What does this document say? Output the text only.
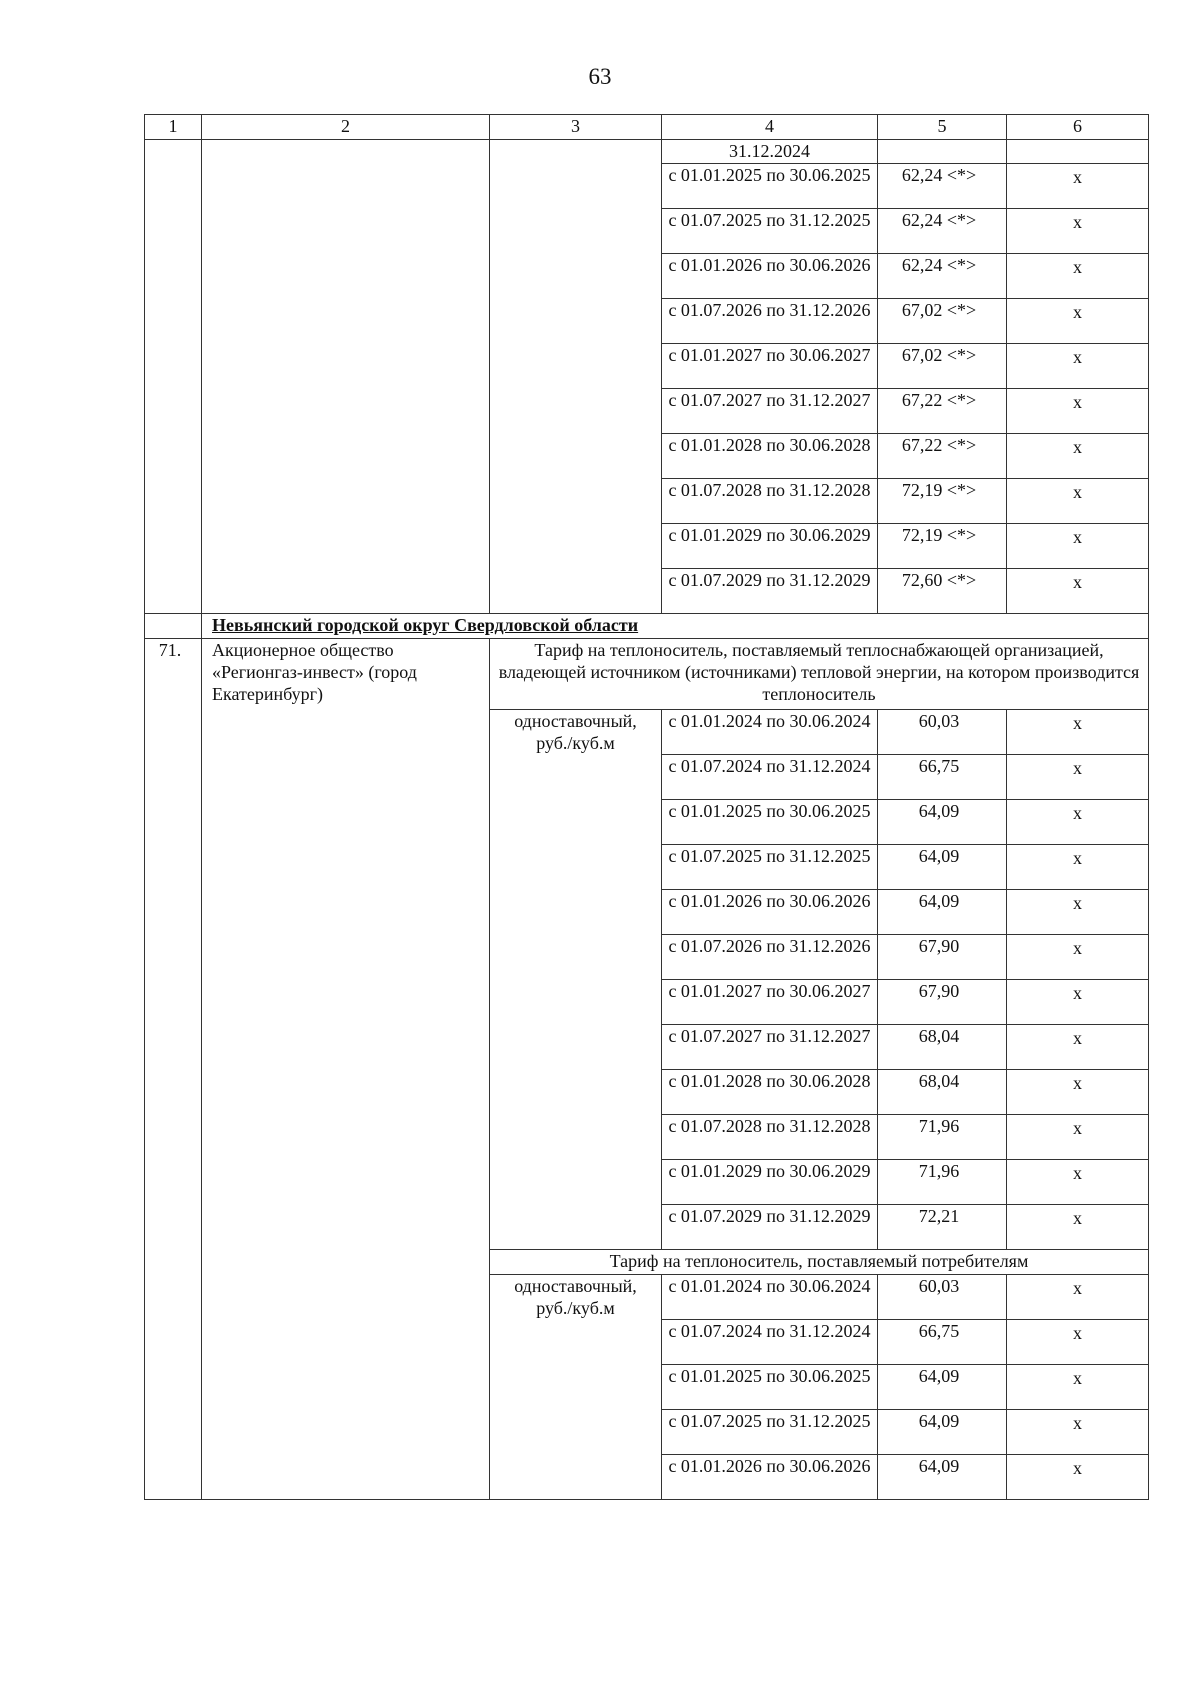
63
1	2	3	4	5	6
			31.12.2024		
			с 01.01.2025 по 30.06.2025	62,24 <*>	х
			с 01.07.2025 по 31.12.2025	62,24 <*>	х
			с 01.01.2026 по 30.06.2026	62,24 <*>	х
			с 01.07.2026 по 31.12.2026	67,02 <*>	х
			с 01.01.2027 по 30.06.2027	67,02 <*>	х
			с 01.07.2027 по 31.12.2027	67,22 <*>	х
			с 01.01.2028 по 30.06.2028	67,22 <*>	х
			с 01.07.2028 по 31.12.2028	72,19 <*>	х
			с 01.01.2029 по 30.06.2029	72,19 <*>	х
			с 01.07.2029 по 31.12.2029	72,60 <*>	х
	Невьянский городской округ Свердловской области				
71.	Акционерное общество «Регионгаз-инвест» (город Екатеринбург)	Тариф на теплоноситель, поставляемый теплоснабжающей организацией, владеющей источником (источниками) тепловой энергии, на котором производится теплоноситель			
		одноставочный, руб./куб.м	с 01.01.2024 по 30.06.2024	60,03	х
			с 01.07.2024 по 31.12.2024	66,75	х
			с 01.01.2025 по 30.06.2025	64,09	х
			с 01.07.2025 по 31.12.2025	64,09	х
			с 01.01.2026 по 30.06.2026	64,09	х
			с 01.07.2026 по 31.12.2026	67,90	х
			с 01.01.2027 по 30.06.2027	67,90	х
			с 01.07.2027 по 31.12.2027	68,04	х
			с 01.01.2028 по 30.06.2028	68,04	х
			с 01.07.2028 по 31.12.2028	71,96	х
			с 01.01.2029 по 30.06.2029	71,96	х
			с 01.07.2029 по 31.12.2029	72,21	х
		Тариф на теплоноситель, поставляемый потребителям			
		одноставочный, руб./куб.м	с 01.01.2024 по 30.06.2024	60,03	х
			с 01.07.2024 по 31.12.2024	66,75	х
			с 01.01.2025 по 30.06.2025	64,09	х
			с 01.07.2025 по 31.12.2025	64,09	х
			с 01.01.2026 по 30.06.2026	64,09	х
